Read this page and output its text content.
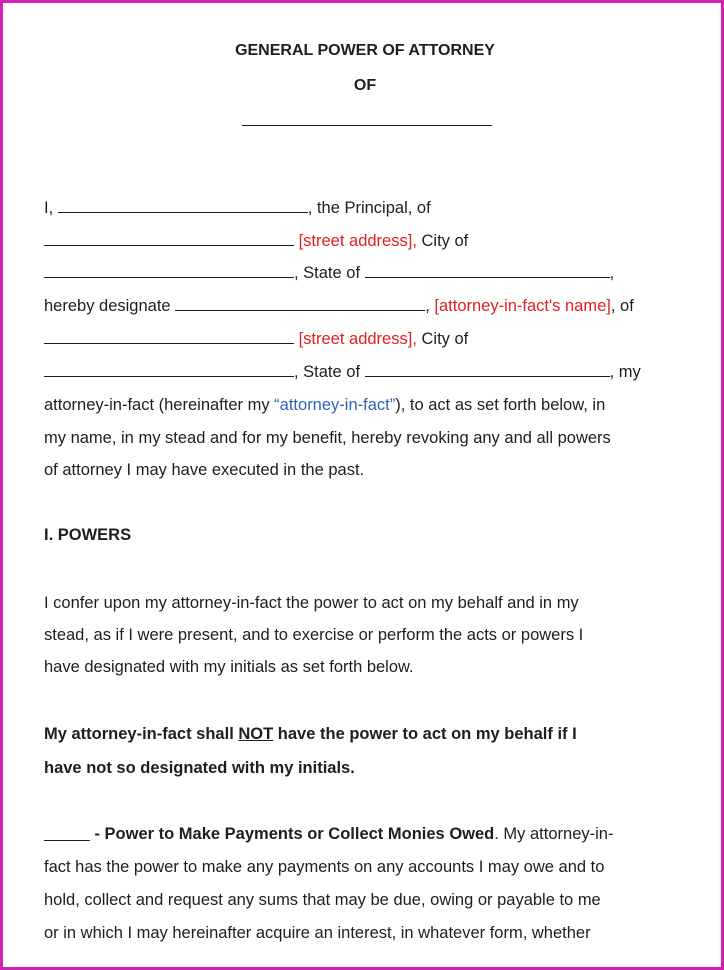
GENERAL POWER OF ATTORNEY
OF
I,	, the Principal, of
[street address], City of
, State of	,
hereby designate	, [attorney-in-fact's name], of
[street address], City of
, State of	, my
attorney-in-fact (hereinafter my “attorney-in-fact”), to act as set forth below, in
my name, in my stead and for my benefit, hereby revoking any and all powers
of attorney I may have executed in the past.
I. POWERS
I confer upon my attorney-in-fact the power to act on my behalf and in my
stead, as if I were present, and to exercise or perform the acts or powers I
have designated with my initials as set forth below.
My attorney-in-fact shall NOT have the power to act on my behalf if I
have not so designated with my initials.
_____ - Power to Make Payments or Collect Monies Owed. My attorney-in-
fact has the power to make any payments on any accounts I may owe and to
hold, collect and request any sums that may be due, owing or payable to me
or in which I may hereinafter acquire an interest, in whatever form, whether
